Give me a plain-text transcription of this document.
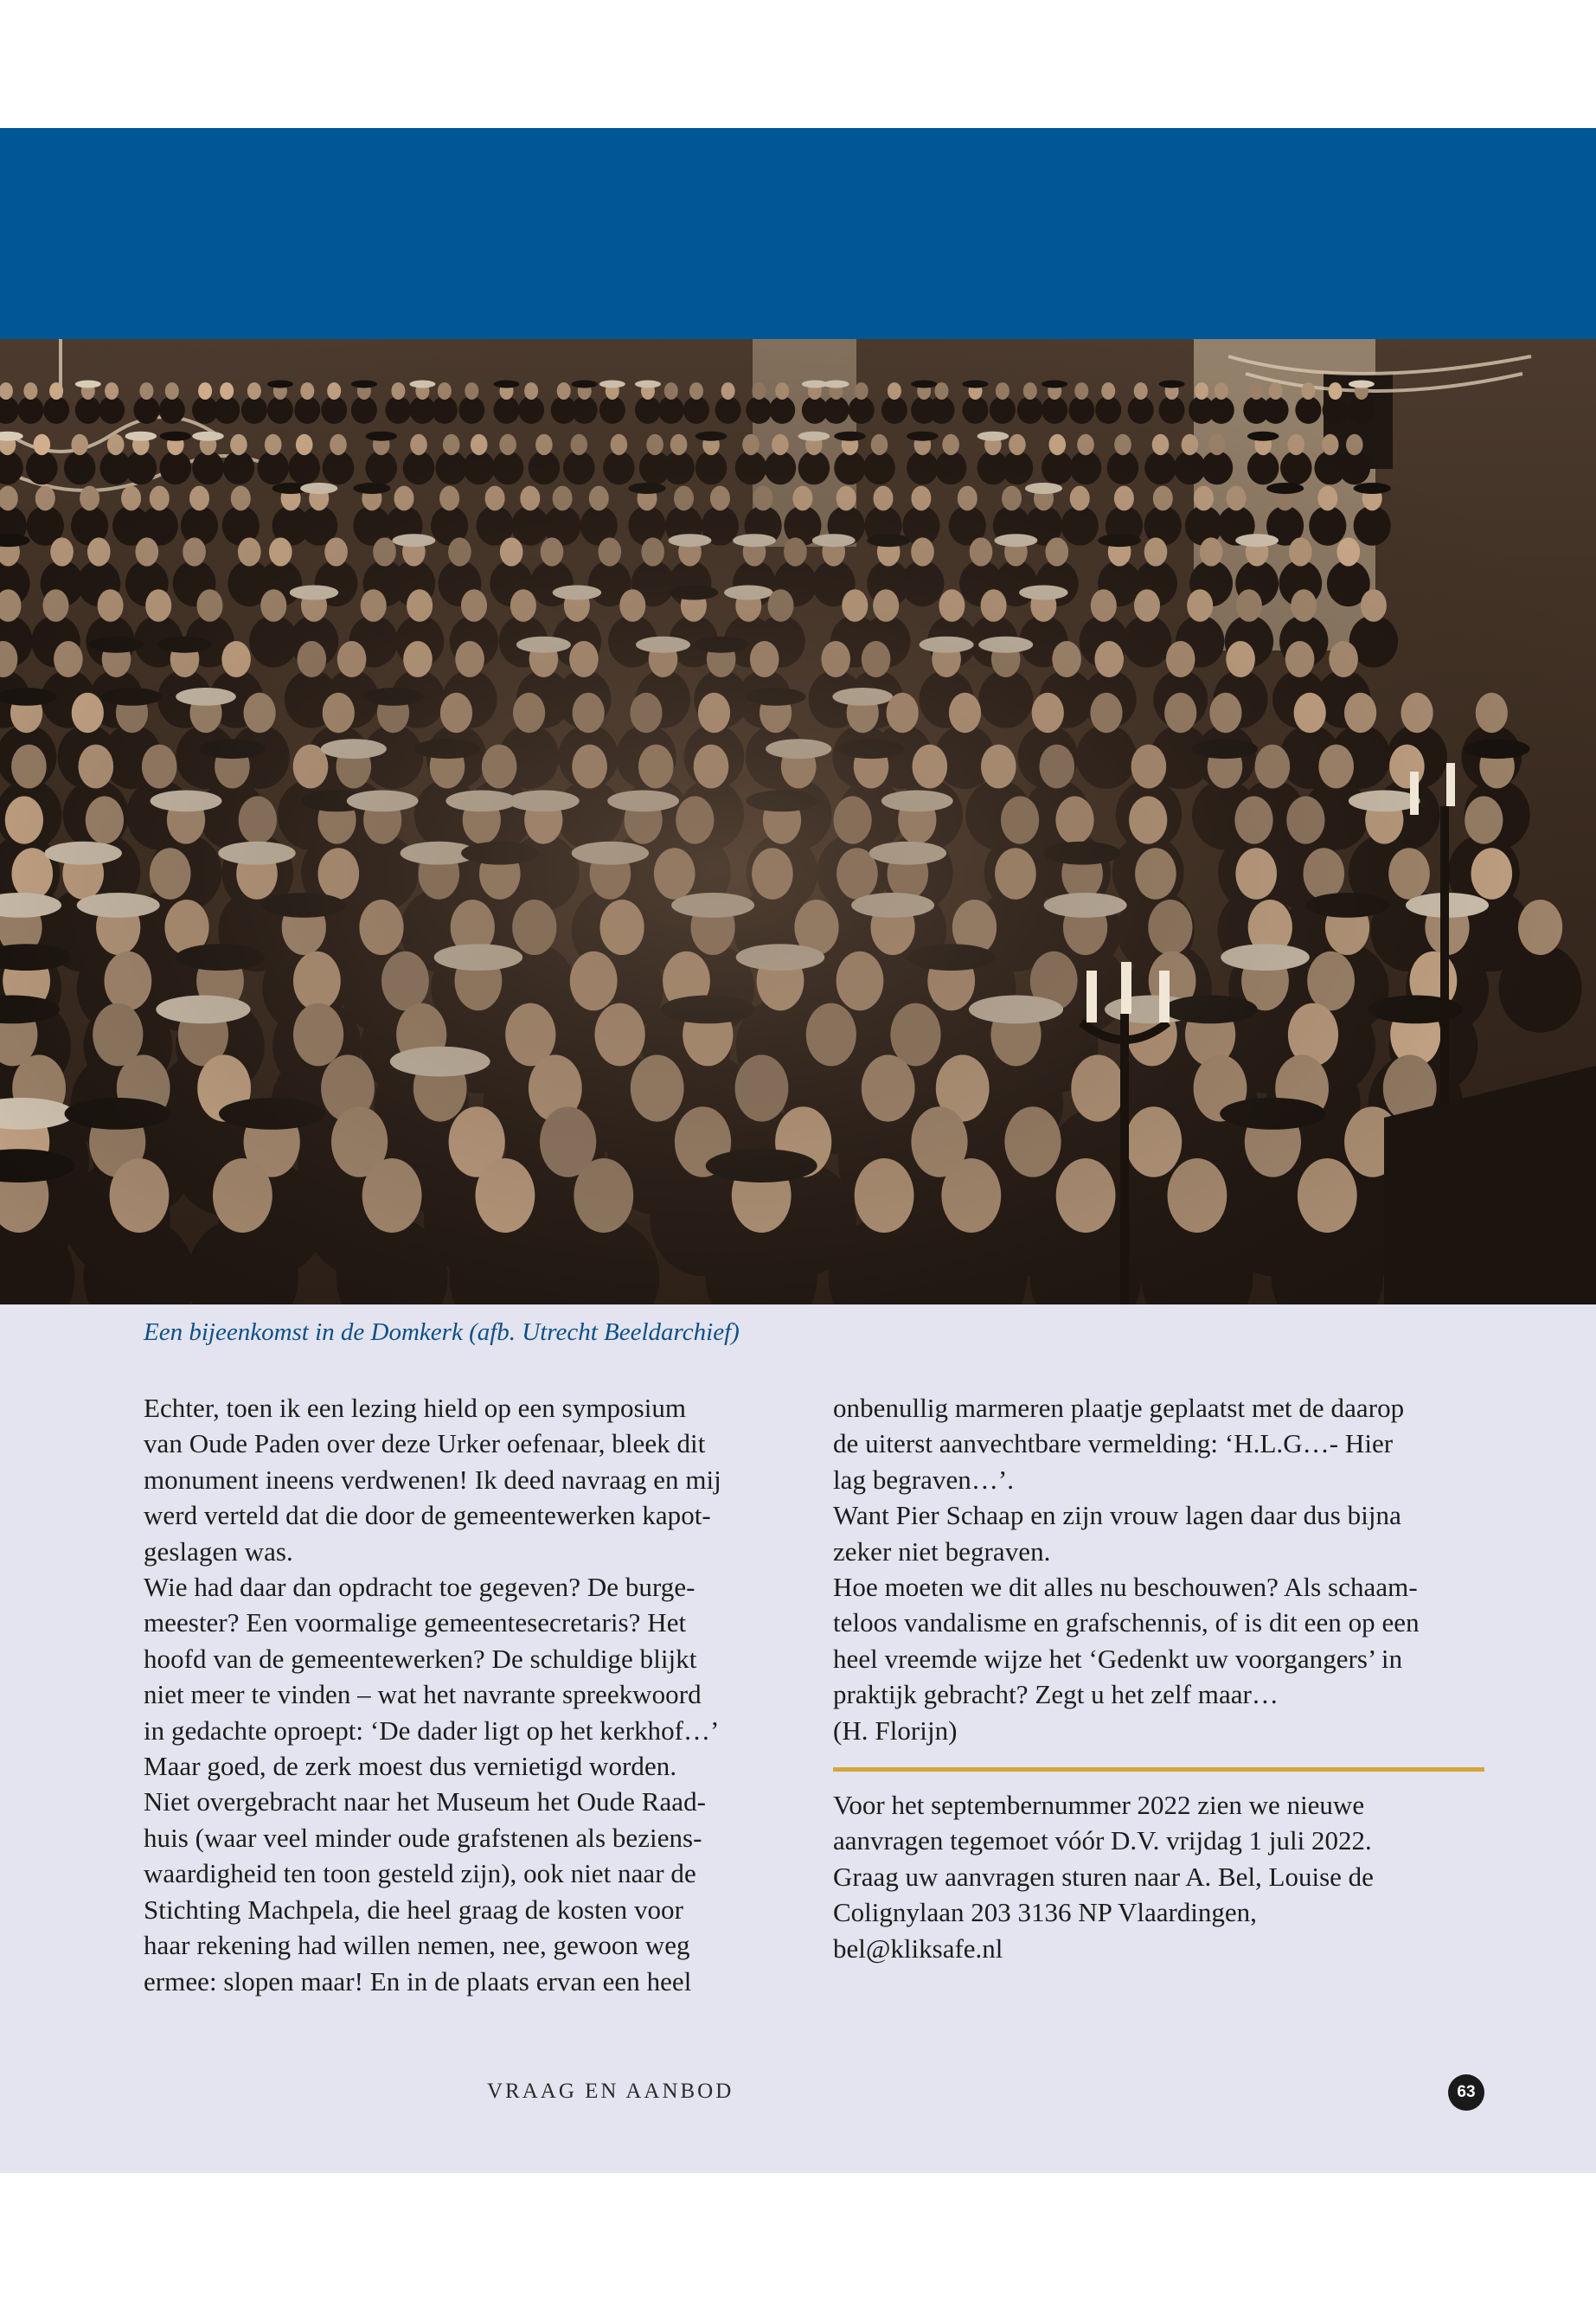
Een bijeenkomst in de Domkerk (afb. Utrecht Beeldarchief)
Echter, toen ik een lezing hield op een symposium
van Oude Paden over deze Urker oefenaar, bleek dit
monument ineens verdwenen! Ik deed navraag en mij
werd verteld dat die door de gemeentewerken kapot-
geslagen was.
Wie had daar dan opdracht toe gegeven? De burge-
meester? Een voormalige gemeentesecretaris? Het
hoofd van de gemeentewerken? De schuldige blijkt
niet meer te vinden – wat het navrante spreekwoord
in gedachte oproept: ‘De dader ligt op het kerkhof…’
Maar goed, de zerk moest dus vernietigd worden.
Niet overgebracht naar het Museum het Oude Raad-
huis (waar veel minder oude grafstenen als beziens-
waardigheid ten toon gesteld zijn), ook niet naar de
Stichting Machpela, die heel graag de kosten voor
haar rekening had willen nemen, nee, gewoon weg
ermee: slopen maar! En in de plaats ervan een heel
onbenullig marmeren plaatje geplaatst met de daarop
de uiterst aanvechtbare vermelding: ‘H.L.G…- Hier
lag begraven…’.
Want Pier Schaap en zijn vrouw lagen daar dus bijna
zeker niet begraven.
Hoe moeten we dit alles nu beschouwen? Als schaam-
teloos vandalisme en grafschennis, of is dit een op een
heel vreemde wijze het ‘Gedenkt uw voorgangers’ in
praktijk gebracht? Zegt u het zelf maar…
(H. Florijn)
Voor het septembernummer 2022 zien we nieuwe
aanvragen tegemoet vóór D.V. vrijdag 1 juli 2022.
Graag uw aanvragen sturen naar A. Bel, Louise de
Colignylaan 203 3136 NP Vlaardingen,
bel@kliksafe.nl
VRAAG EN AANBOD	63
